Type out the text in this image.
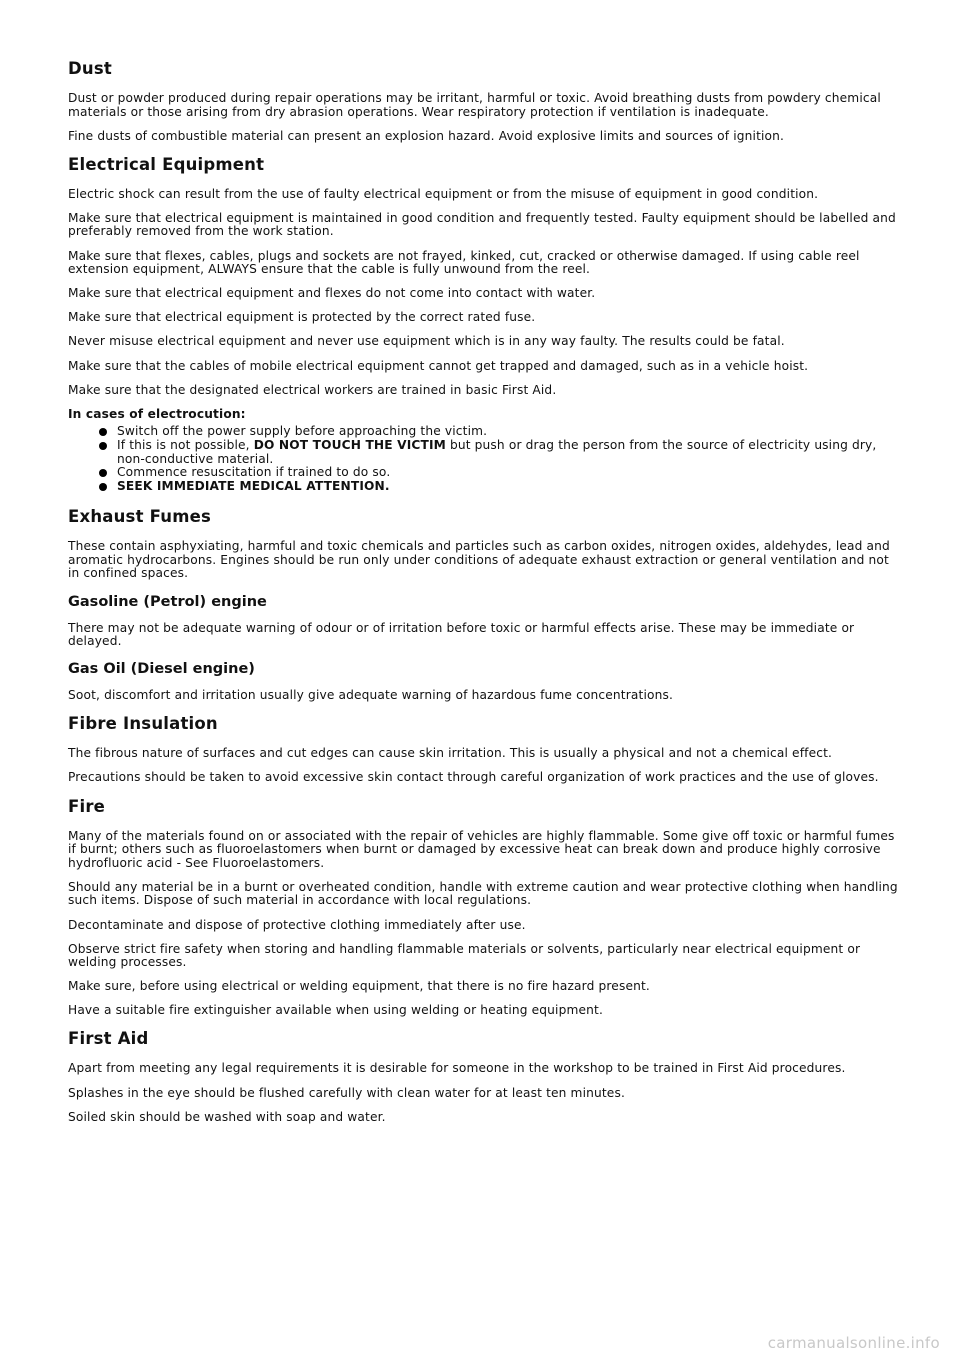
Dust

Dust or powder produced during repair operations may be irritant, harmful or toxic. Avoid breathing dusts from powdery chemical materials or those arising from dry abrasion operations. Wear respiratory protection if ventilation is inadequate.

Fine dusts of combustible material can present an explosion hazard. Avoid explosive limits and sources of ignition.

Electrical Equipment

Electric shock can result from the use of faulty electrical equipment or from the misuse of equipment in good condition.

Make sure that electrical equipment is maintained in good condition and frequently tested. Faulty equipment should be labelled and preferably removed from the work station.

Make sure that flexes, cables, plugs and sockets are not frayed, kinked, cut, cracked or otherwise damaged. If using cable reel extension equipment, ALWAYS ensure that the cable is fully unwound from the reel.

Make sure that electrical equipment and flexes do not come into contact with water.

Make sure that electrical equipment is protected by the correct rated fuse.

Never misuse electrical equipment and never use equipment which is in any way faulty. The results could be fatal.

Make sure that the cables of mobile electrical equipment cannot get trapped and damaged, such as in a vehicle hoist.

Make sure that the designated electrical workers are trained in basic First Aid.

In cases of electrocution:

Switch off the power supply before approaching the victim.
If this is not possible, DO NOT TOUCH THE VICTIM but push or drag the person from the source of electricity using dry, non-conductive material.
Commence resuscitation if trained to do so.
SEEK IMMEDIATE MEDICAL ATTENTION.
Exhaust Fumes

These contain asphyxiating, harmful and toxic chemicals and particles such as carbon oxides, nitrogen oxides, aldehydes, lead and aromatic hydrocarbons. Engines should be run only under conditions of adequate exhaust extraction or general ventilation and not in confined spaces.

Gasoline (Petrol) engine

There may not be adequate warning of odour or of irritation before toxic or harmful effects arise. These may be immediate or delayed.

Gas Oil (Diesel engine)

Soot, discomfort and irritation usually give adequate warning of hazardous fume concentrations.

Fibre Insulation

The fibrous nature of surfaces and cut edges can cause skin irritation. This is usually a physical and not a chemical effect.

Precautions should be taken to avoid excessive skin contact through careful organization of work practices and the use of gloves.

Fire

Many of the materials found on or associated with the repair of vehicles are highly flammable. Some give off toxic or harmful fumes if burnt; others such as fluoroelastomers when burnt or damaged by excessive heat can break down and produce highly corrosive hydrofluoric acid - See Fluoroelastomers.

Should any material be in a burnt or overheated condition, handle with extreme caution and wear protective clothing when handling such items. Dispose of such material in accordance with local regulations.

Decontaminate and dispose of protective clothing immediately after use.

Observe strict fire safety when storing and handling flammable materials or solvents, particularly near electrical equipment or welding processes.

Make sure, before using electrical or welding equipment, that there is no fire hazard present.

Have a suitable fire extinguisher available when using welding or heating equipment.

First Aid

Apart from meeting any legal requirements it is desirable for someone in the workshop to be trained in First Aid procedures.

Splashes in the eye should be flushed carefully with clean water for at least ten minutes.

Soiled skin should be washed with soap and water.

carmanualsonline.info
